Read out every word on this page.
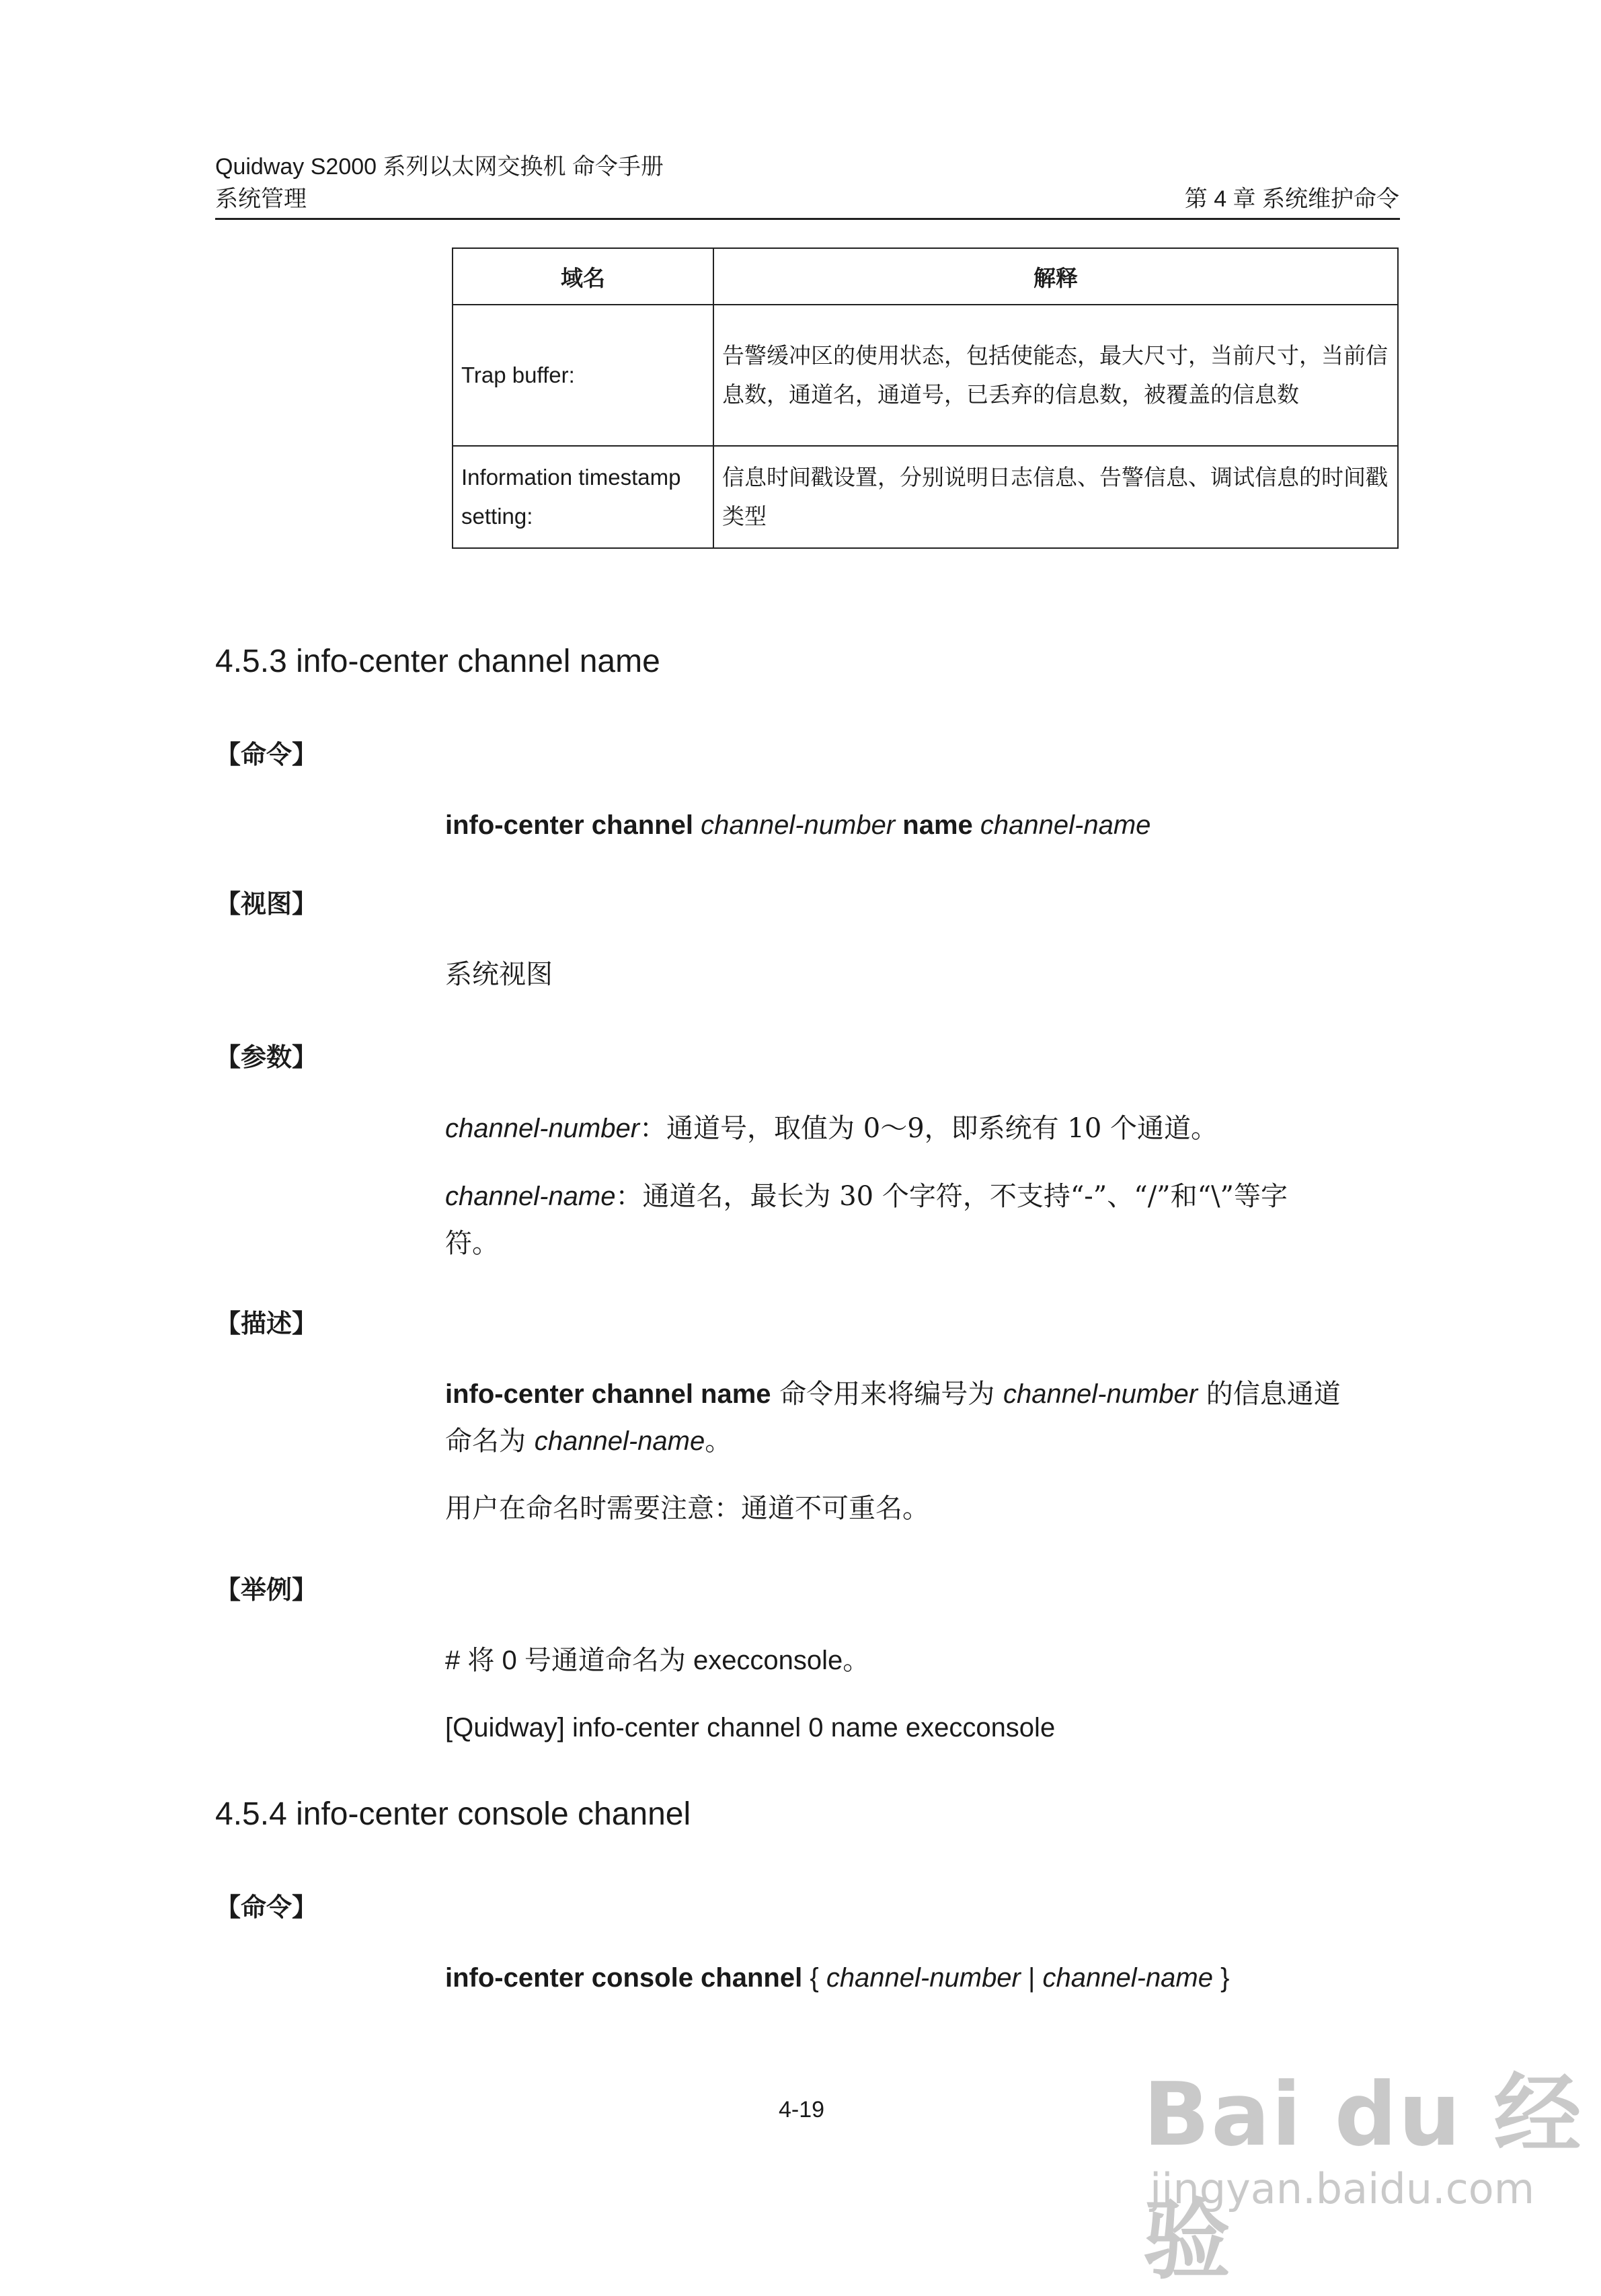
Quidway S2000 系列以太网交换机 命令手册
系统管理	第 4 章 系统维护命令
域名	解释
Trap buffer:	告警缓冲区的使用状态，包括使能态，最大尺寸，当前尺寸，当前信息数，通道名，通道号，已丢弃的信息数，被覆盖的信息数
Information timestamp setting:	信息时间戳设置，分别说明日志信息、告警信息、调试信息的时间戳类型
4.5.3 info-center channel name
【命令】
info-center channel channel-number name channel-name
【视图】
系统视图
【参数】
channel-number：通道号，取值为 0～9，即系统有 10 个通道。
channel-name：通道名，最长为 30 个字符，不支持“-”、“/”和“\”等字
符。
【描述】
info-center channel name 命令用来将编号为 channel-number 的信息通道
命名为 channel-name。
用户在命名时需要注意：通道不可重名。
【举例】
# 将 0 号通道命名为 execconsole。
[Quidway] info-center channel 0 name execconsole
4.5.4 info-center console channel
【命令】
info-center console channel { channel-number | channel-name }
4-19	Bai du 经验
jingyan.baidu.com
